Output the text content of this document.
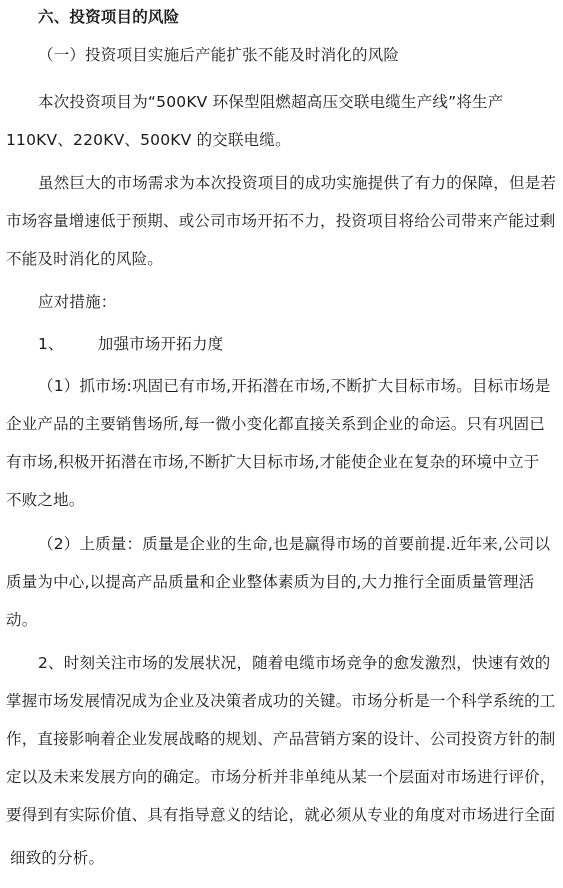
六、投资项目的风险
（一）投资项目实施后产能扩张不能及时消化的风险
本次投资项目为“500KV 环保型阻燃超高压交联电缆生产线”将生产
110KV、220KV、500KV 的交联电缆。
虽然巨大的市场需求为本次投资项目的成功实施提供了有力的保障，但是若
市场容量增速低于预期、或公司市场开拓不力，投资项目将给公司带来产能过剩
不能及时消化的风险。
应对措施：
1、 加强市场开拓力度
（1）抓市场:巩固已有市场,开拓潜在市场,不断扩大目标市场。目标市场是
企业产品的主要销售场所,每一微小变化都直接关系到企业的命运。只有巩固已
有市场,积极开拓潜在市场,不断扩大目标市场,才能使企业在复杂的环境中立于
不败之地。
（2）上质量：质量是企业的生命,也是赢得市场的首要前提.近年来,公司以
质量为中心,以提高产品质量和企业整体素质为目的,大力推行全面质量管理活
动。
2、时刻关注市场的发展状况，随着电缆市场竞争的愈发激烈，快速有效的
掌握市场发展情况成为企业及决策者成功的关键。市场分析是一个科学系统的工
作，直接影响着企业发展战略的规划、产品营销方案的设计、公司投资方针的制
定以及未来发展方向的确定。市场分析并非单纯从某一个层面对市场进行评价，
要得到有实际价值、具有指导意义的结论，就必须从专业的角度对市场进行全面
细致的分析。
